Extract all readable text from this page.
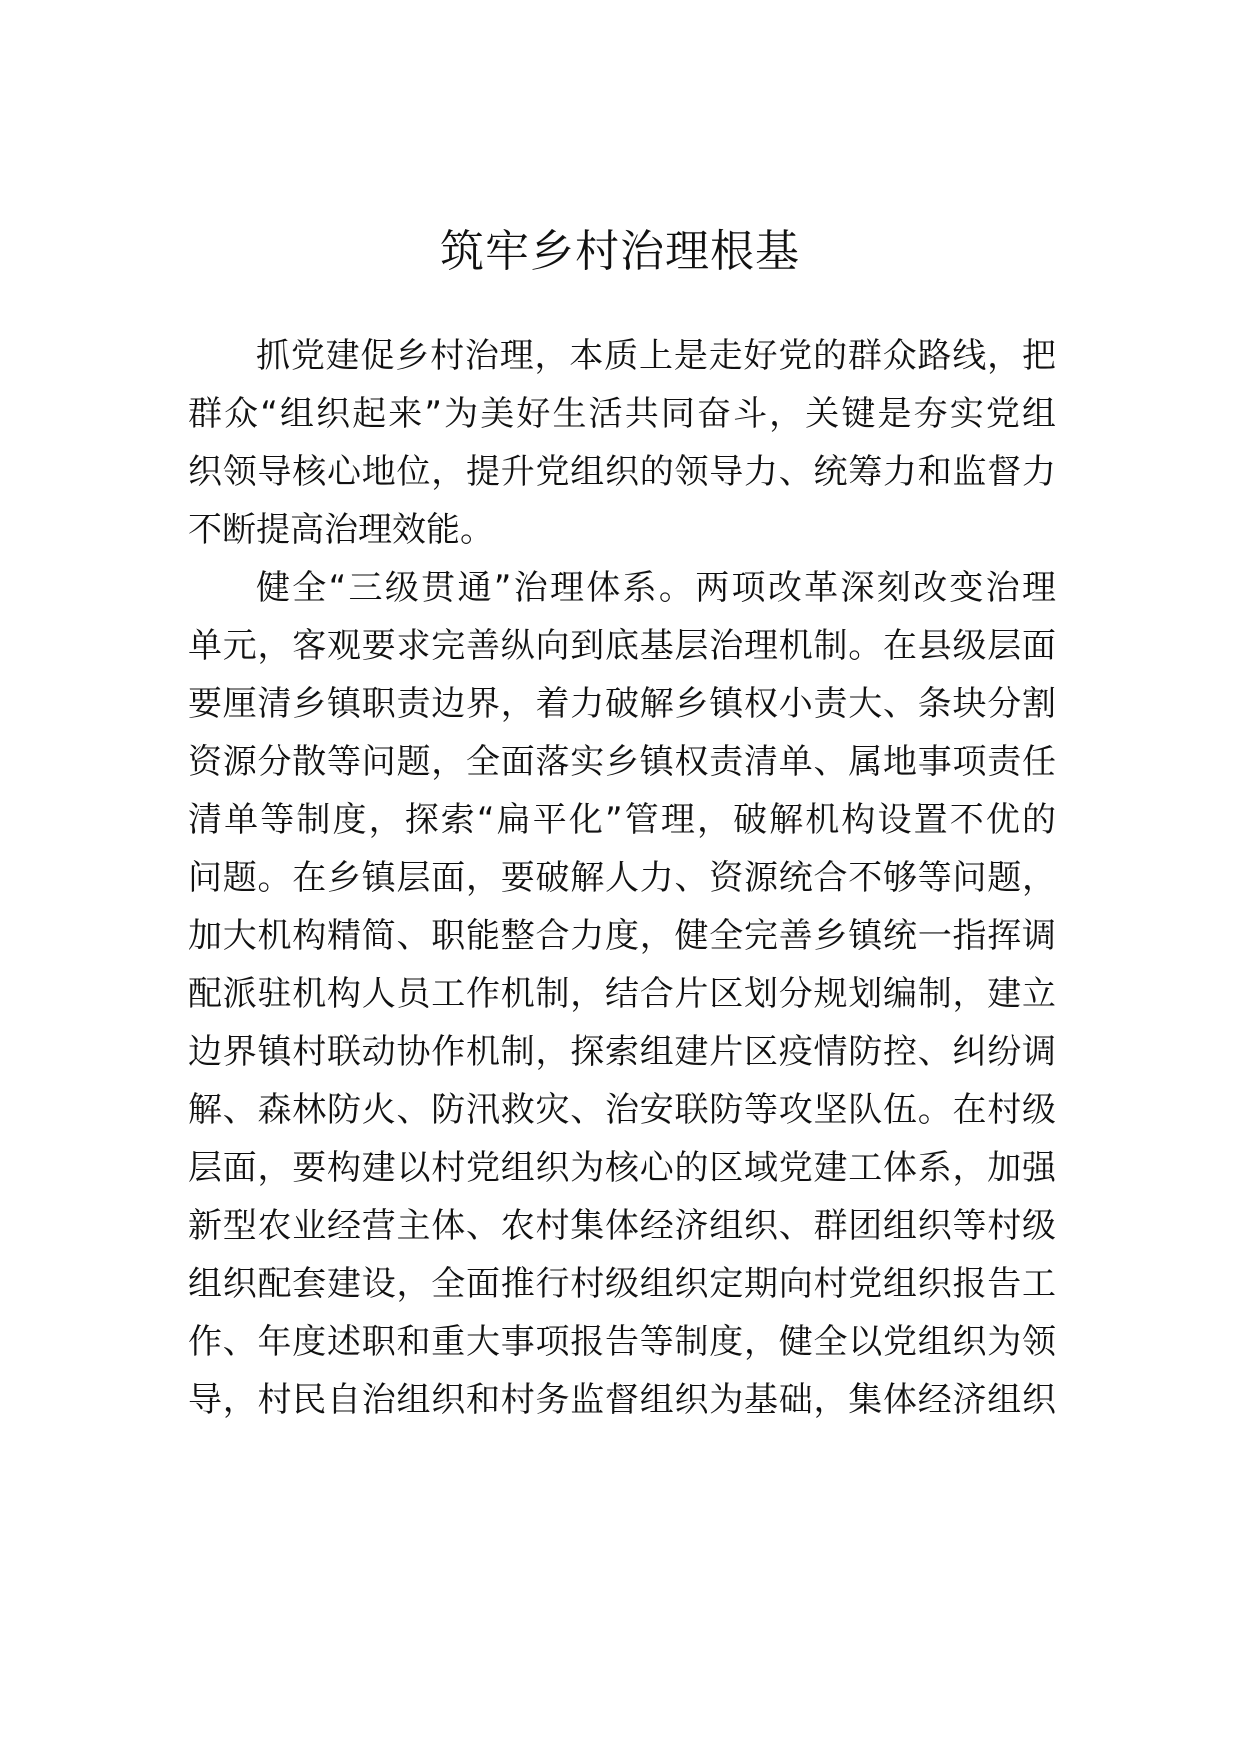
筑牢乡村治理根基
抓党建促乡村治理，本质上是走好党的群众路线，把
群众“组织起来”为美好生活共同奋斗，关键是夯实党组
织领导核心地位，提升党组织的领导力、统筹力和监督力
不断提高治理效能。
健全“三级贯通”治理体系。两项改革深刻改变治理
单元，客观要求完善纵向到底基层治理机制。在县级层面
要厘清乡镇职责边界，着力破解乡镇权小责大、条块分割
资源分散等问题，全面落实乡镇权责清单、属地事项责任
清单等制度，探索“扁平化”管理，破解机构设置不优的
问题。在乡镇层面，要破解人力、资源统合不够等问题，
加大机构精简、职能整合力度，健全完善乡镇统一指挥调
配派驻机构人员工作机制，结合片区划分规划编制，建立
边界镇村联动协作机制，探索组建片区疫情防控、纠纷调
解、森林防火、防汛救灾、治安联防等攻坚队伍。在村级
层面，要构建以村党组织为核心的区域党建工体系，加强
新型农业经营主体、农村集体经济组织、群团组织等村级
组织配套建设，全面推行村级组织定期向村党组织报告工
作、年度述职和重大事项报告等制度，健全以党组织为领
导，村民自治组织和村务监督组织为基础，集体经济组织
